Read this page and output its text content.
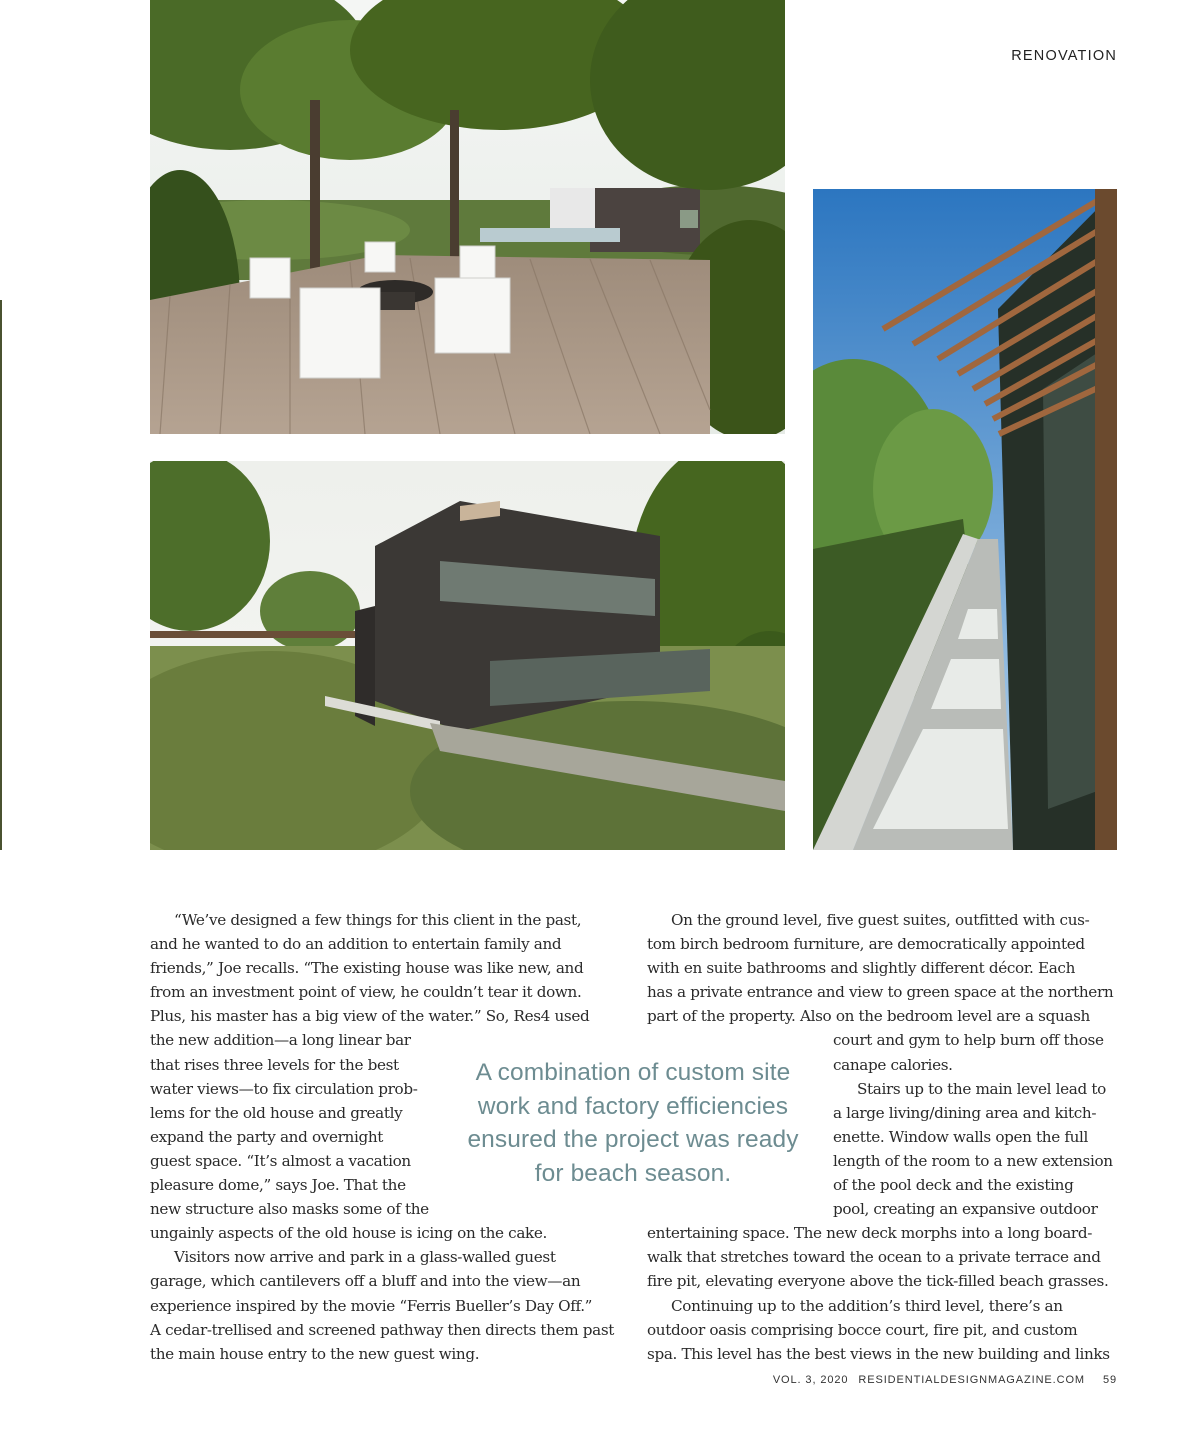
RENOVATION
“We’ve designed a few things for this client in the past,
and he wanted to do an addition to entertain family and
friends,” Joe recalls. “The existing house was like new, and
from an investment point of view, he couldn’t tear it down.
Plus, his master has a big view of the water.” So, Res4 used
the new addition—a long linear bar
that rises three levels for the best
water views—to fix circulation prob-
lems for the old house and greatly
expand the party and overnight
guest space. “It’s almost a vacation
pleasure dome,” says Joe. That the
new structure also masks some of the
ungainly aspects of the old house is icing on the cake.
Visitors now arrive and park in a glass-walled guest
garage, which cantilevers off a bluff and into the view—an
experience inspired by the movie “Ferris Bueller’s Day Off.”
A cedar-trellised and screened pathway then directs them past
the main house entry to the new guest wing.
A combination of custom site work and factory efficiencies ensured the project was ready for beach season.
On the ground level, five guest suites, outfitted with cus-
tom birch bedroom furniture, are democratically appointed
with en suite bathrooms and slightly different décor. Each
has a private entrance and view to green space at the northern
part of the property. Also on the bedroom level are a squash
court and gym to help burn off those
canape calories.
Stairs up to the main level lead to
a large living/dining area and kitch-
enette. Window walls open the full
length of the room to a new extension
of the pool deck and the existing
pool, creating an expansive outdoor
entertaining space. The new deck morphs into a long board-
walk that stretches toward the ocean to a private terrace and
fire pit, elevating everyone above the tick-filled beach grasses.
Continuing up to the addition’s third level, there’s an
outdoor oasis comprising bocce court, fire pit, and custom
spa. This level has the best views in the new building and links
VOL. 3, 2020 RESIDENTIALDESIGNMAGAZINE.COM 59
